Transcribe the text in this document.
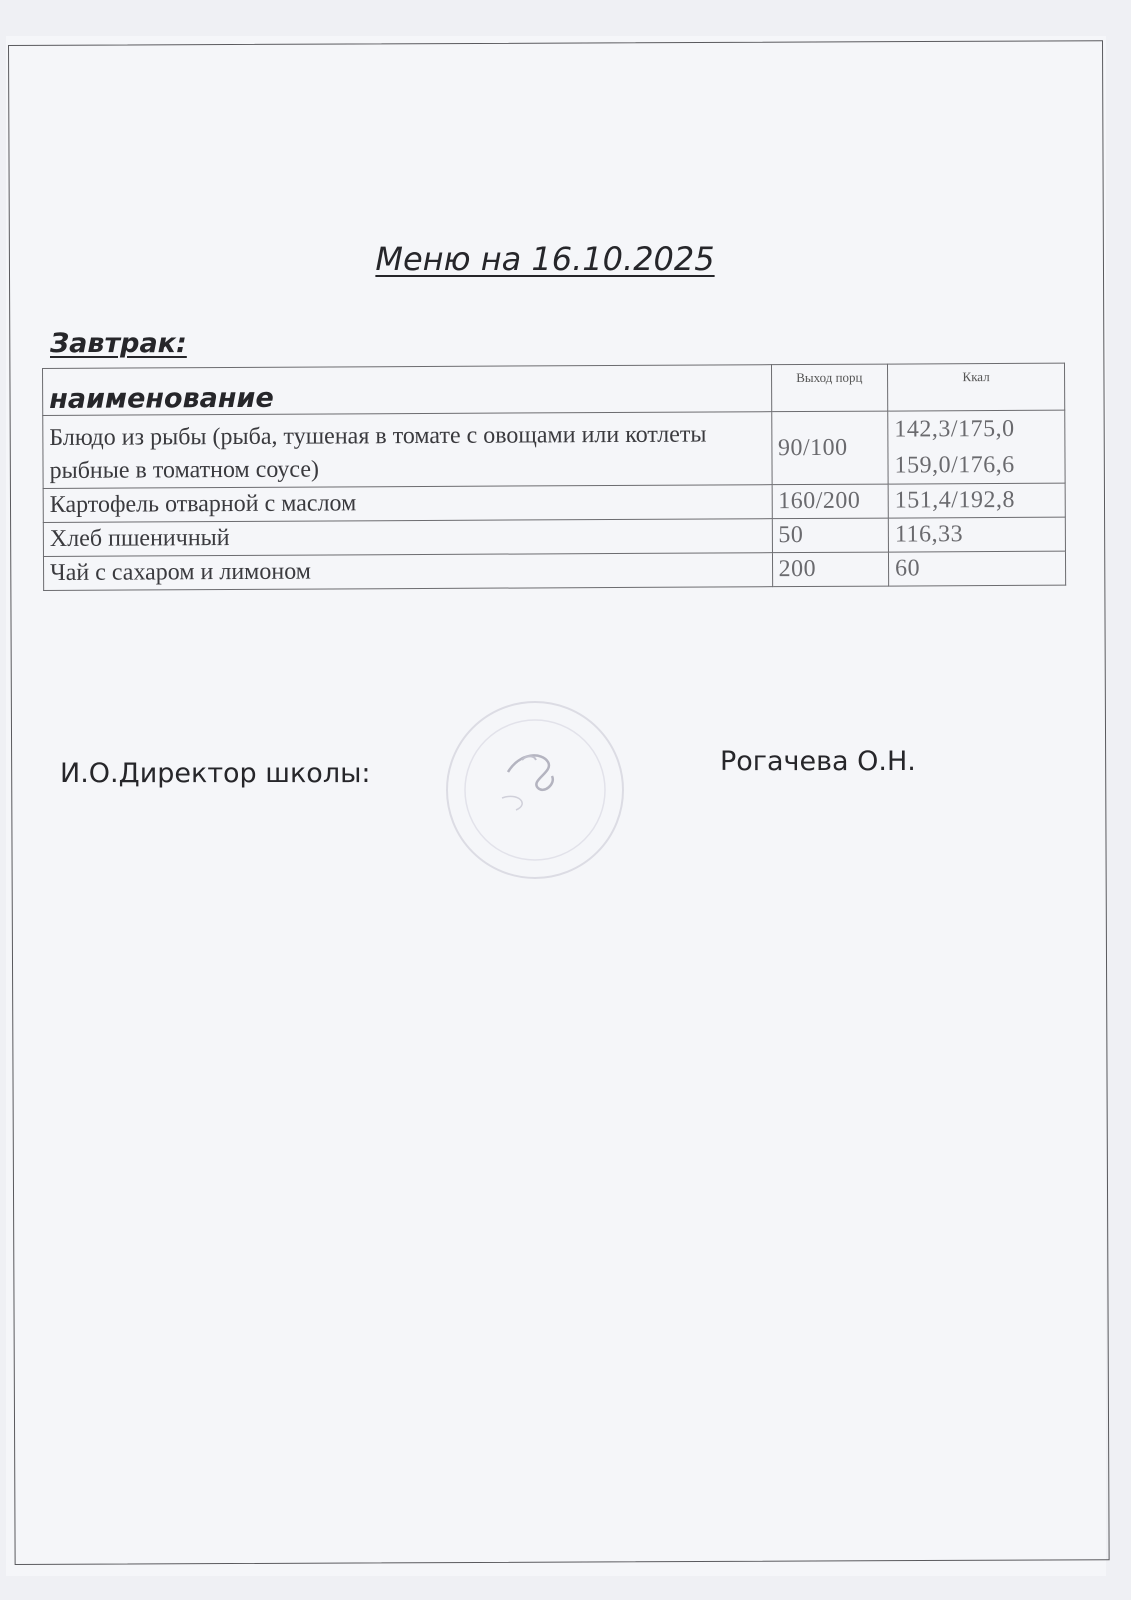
Меню на 16.10.2025
Завтрак:
наименование	Выход порц	Ккал
Блюдо из рыбы (рыба, тушеная в томате с овощами или котлеты рыбные в томатном соусе)	90/100	142,3/175,0
159,0/176,6

Картофель отварной с маслом	160/200	151,4/192,8
Хлеб пшеничный	50	116,33
Чай с сахаром и лимоном	200	60
И.О.Директор школы:	Рогачева О.Н.
